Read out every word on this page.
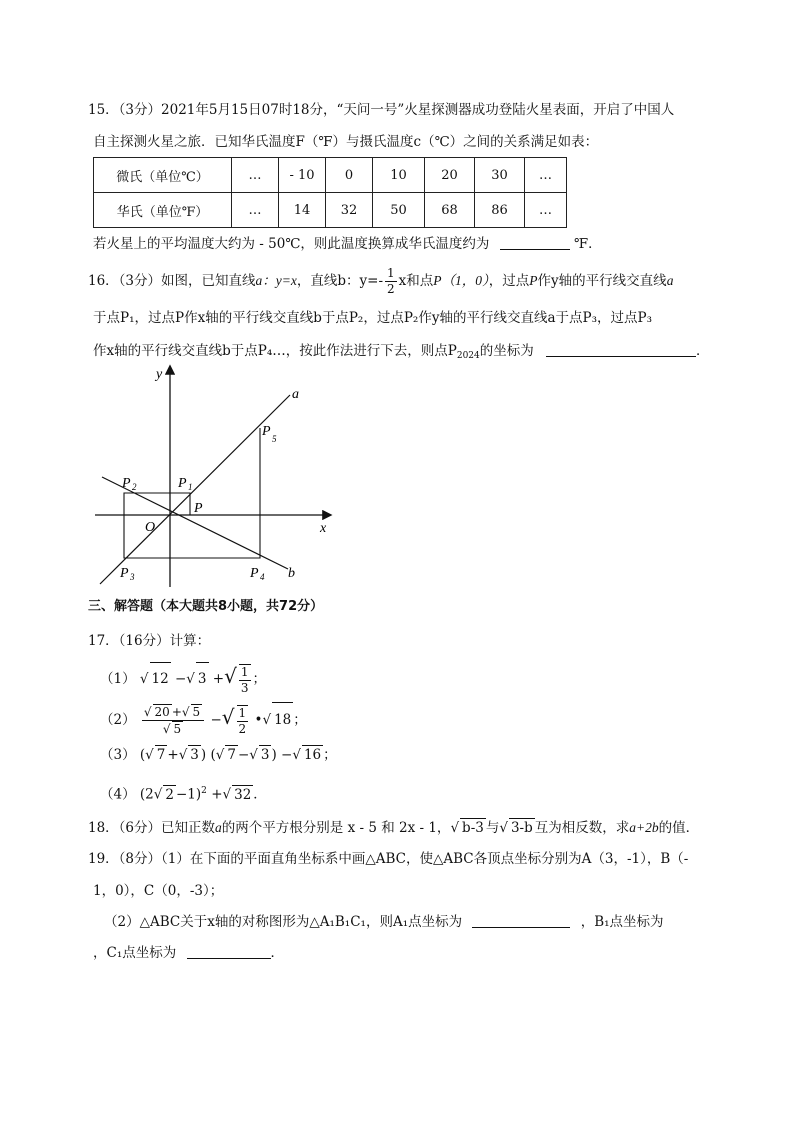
15．（3分）2021年5月15日07时18分，“天问一号”火星探测器成功登陆火星表面，开启了中国人
自主探测火星之旅．已知华氏温度F（℉）与摄氏温度c（℃）之间的关系满足如表：
微氏（单位℃）	…	- 10	0	10	20	30	…
华氏（单位℉）	…	14	32	50	68	86	…
若火星上的平均温度大约为 - 50℃，则此温度换算成华氏温度约为	℉．
16．（3分）如图，已知直线a：y=x，直线b：$y=- \frac{1}{2}$ x和点P（1，0），过点P作y轴的平行线交直线a
于点P₁，过点P作x轴的平行线交直线b于点P₂，过点P₂作y轴的平行线交直线a于点P₃，过点P₃
作x轴的平行线交直线b于点P₄…，按此作法进行下去，则点$P_{2024}$的坐标为	．
y
x
O
a
b
P
P 1
P 2
P 3	P 4
P 5
三、解答题（本大题共8小题，共72分）
17．（16分）计算：
（1） √ 12 −√ 3 +√ $\frac{1}{3}$ ；
$(2) \frac{√ 20 +√ 5}{√ 5}$ −√ $\frac{1}{2}$ •√ 18 ；
（3） (√ 7 +√ 3 ) (√ 7 −√ 3 ) −√ 16 ；
（4） (2√ 2 −1)$^2$ +√ 32 ．
18．（6分）已知正数a的两个平方根分别是 x - 5 和 2x - 1，√ b-3 与√ 3-b 互为相反数，求a+2b的值．
19．（8分）（1）在下面的平面直角坐标系中画△ABC，使△ABC各顶点坐标分别为A（3，-1），B（-
1，0），C（0，-3）；
（2）△ABC关于x轴的对称图形为△A₁B₁C₁，则A₁点坐标为	，B₁点坐标为
，C₁点坐标为	．
